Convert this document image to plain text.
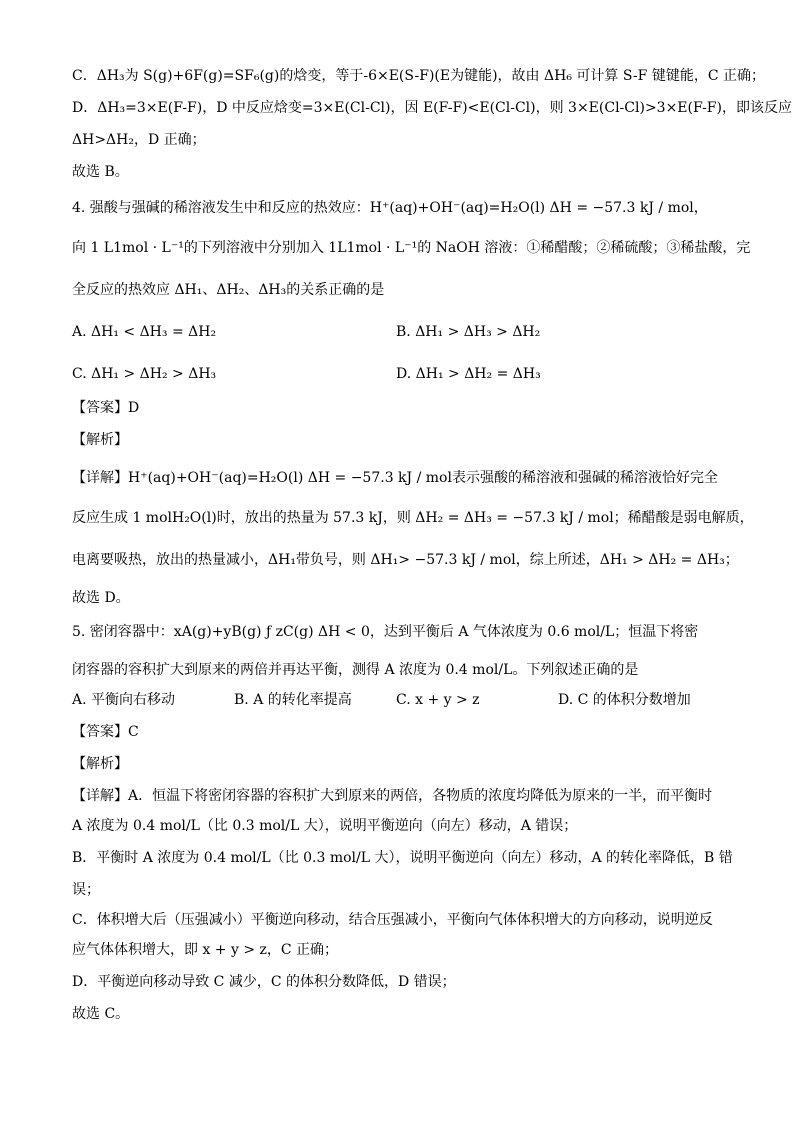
C．ΔH₃为 S(g)+6F(g)=SF₆(g)的焓变，等于-6×E(S-F)(E为键能)，故由 ΔH₆ 可计算 S-F 键键能，C 正确；
D．ΔH₃=3×E(F-F)，D 中反应焓变=3×E(Cl-Cl)，因 E(F-F)<E(Cl-Cl)，则 3×E(Cl-Cl)>3×E(F-F)，即该反应
ΔH>ΔH₂，D 正确；
故选 B。
4. 强酸与强碱的稀溶液发生中和反应的热效应：H⁺(aq)+OH⁻(aq)=H₂O(l) ΔH = −57.3 kJ / mol，
向 1 L1mol · L⁻¹的下列溶液中分别加入 1L1mol · L⁻¹的 NaOH 溶液：①稀醋酸；②稀硫酸；③稀盐酸，完
全反应的热效应 ΔH₁、ΔH₂、ΔH₃的关系正确的是
A. ΔH₁ < ΔH₃ = ΔH₂	B. ΔH₁ > ΔH₃ > ΔH₂
C. ΔH₁ > ΔH₂ > ΔH₃	D. ΔH₁ > ΔH₂ = ΔH₃
【答案】D
【解析】
【详解】H⁺(aq)+OH⁻(aq)=H₂O(l) ΔH = −57.3 kJ / mol表示强酸的稀溶液和强碱的稀溶液恰好完全
反应生成 1 molH₂O(l)时，放出的热量为 57.3 kJ，则 ΔH₂ = ΔH₃ = −57.3 kJ / mol；稀醋酸是弱电解质，
电离要吸热，放出的热量减小，ΔH₁带负号，则 ΔH₁> −57.3 kJ / mol，综上所述，ΔH₁ > ΔH₂ = ΔH₃；
故选 D。
5. 密闭容器中：xA(g)+yB(g) ƒ zC(g) ΔH < 0，达到平衡后 A 气体浓度为 0.6 mol/L；恒温下将密
闭容器的容积扩大到原来的两倍并再达平衡，测得 A 浓度为 0.4 mol/L。下列叙述正确的是
A. 平衡向右移动	B. A 的转化率提高	C. x + y > z	D. C 的体积分数增加
【答案】C
【解析】
【详解】A．恒温下将密闭容器的容积扩大到原来的两倍，各物质的浓度均降低为原来的一半，而平衡时
A 浓度为 0.4 mol/L（比 0.3 mol/L 大），说明平衡逆向（向左）移动，A 错误；
B．平衡时 A 浓度为 0.4 mol/L（比 0.3 mol/L 大），说明平衡逆向（向左）移动，A 的转化率降低，B 错
误；
C．体积增大后（压强减小）平衡逆向移动，结合压强减小，平衡向气体体积增大的方向移动，说明逆反
应气体体积增大，即 x + y > z，C 正确；
D．平衡逆向移动导致 C 减少，C 的体积分数降低，D 错误；
故选 C。
